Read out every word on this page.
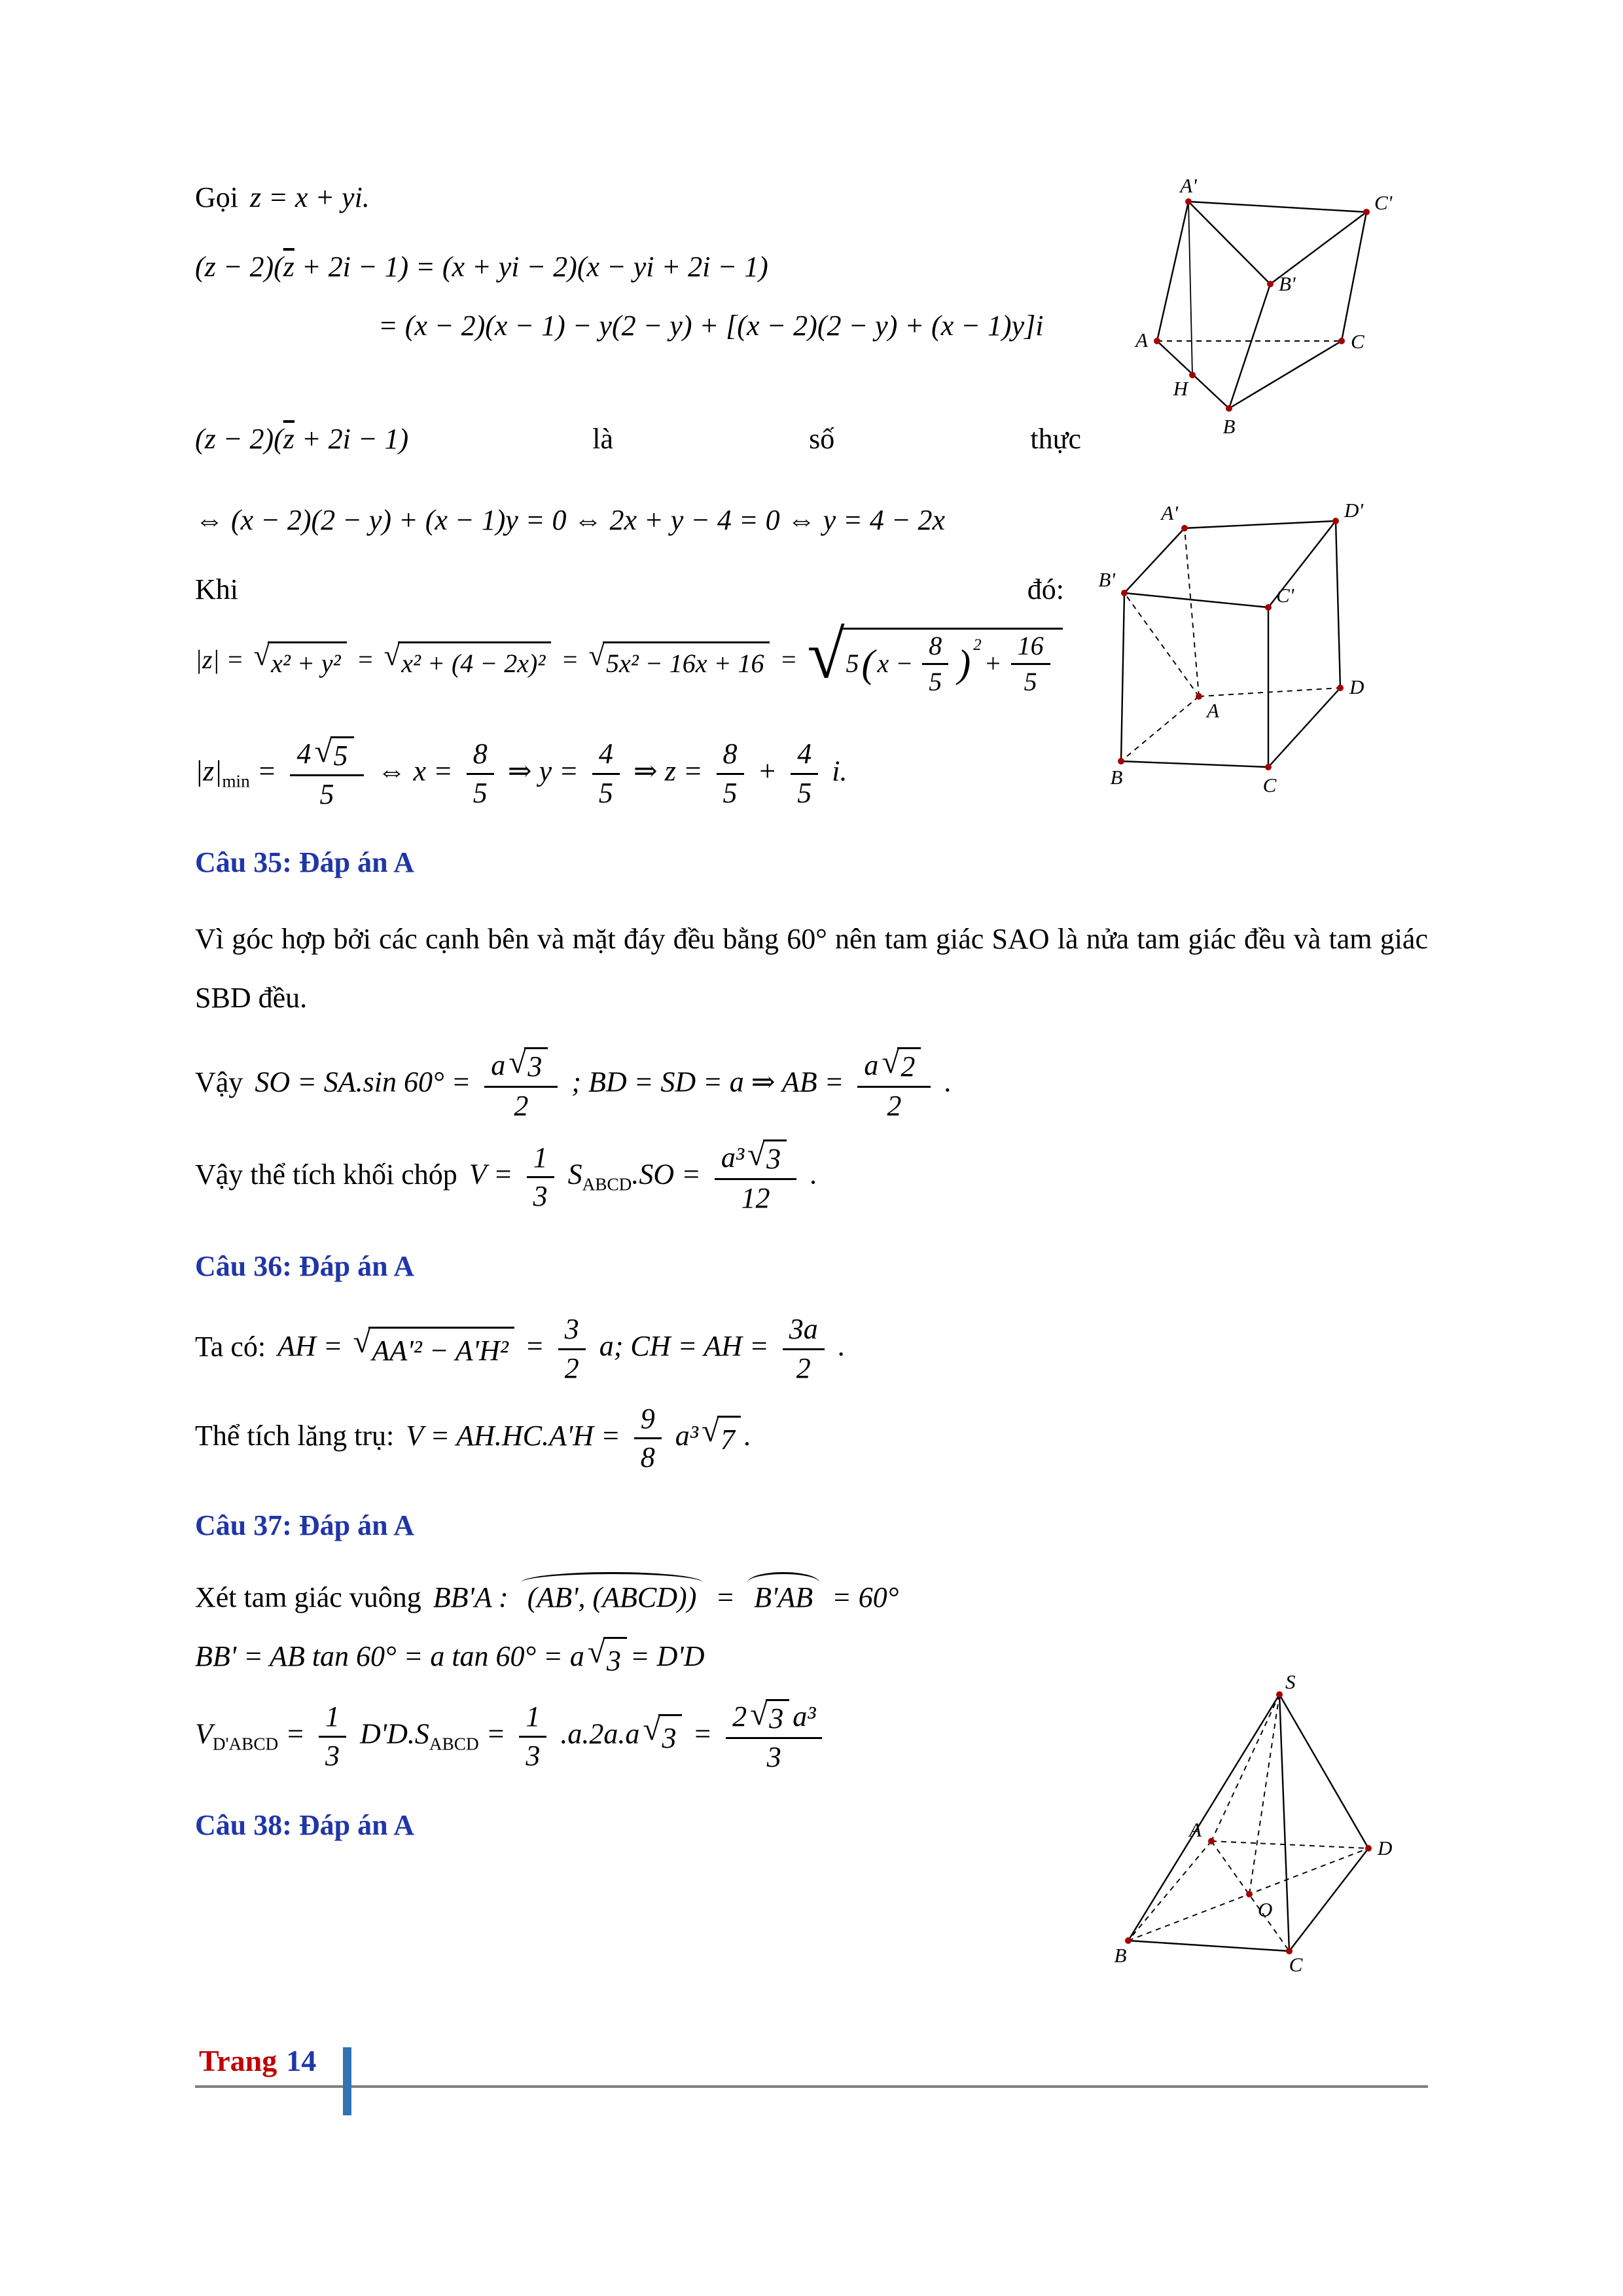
Gọi z = x + yi.
$(z - 2)(\overline{z} + 2i - 1) = (x$ + yi − 2)(x − yi + 2i − 1)
= (x − 2)(x − 1) − y(2 − y) + [(x − 2)(2 − y) + (x − 1)y]i
$(z - 2)(\overline{z} + 2i - 1)$	là	số	thực
⇔ (x − 2)(2 − y) + (x − 1)y = 0 ⇔ 2x + y − 4 = 0 ⇔ y = 4 − 2x
Khi	đó:
|z| = √ x² + y² = √ x² + (4 − 2x)² = √ 5x² − 16x + 16 = √ 5 ( $x - \frac{8}{5}$ ) 2
+ $\frac{16}{5}$
$|z|_{min} = \frac{4 √ 5}{5}$ ⇔ $x = \frac{8}{5}$ ⇒ $y = \frac{4}{5}$ ⇒ $z = \frac{8}{5} + \frac{4}{5} i$.
Câu 35: Đáp án A
Vì góc hợp bởi các cạnh bên và mặt đáy đều bằng 60° nên tam giác SAO là nửa tam giác đều và tam giác SBD đều.
Vậy SO = SA.sin $60^\circ = \frac{a √ 3}{2}$ ; BD = SD = a ⇒ AB = $\frac{a √ 2}{2}$ .
Vậy thể tích khối chóp $V = \frac{1}{3} S_{ABCD}.SO = \frac{\text{a³ √ 3}}{12}$ .
Câu 36: Đáp án A
Ta có: AH = √ $AA'^2 - A'H^2 = \frac{3}{2} a$; CH = AH = $\frac{3a}{2}$ .
Thể tích lăng trụ: $V = AH.HC.A'H = \frac{9}{8} a^3$ √ 7 .
Câu 37: Đáp án A
Xét tam giác vuông BB'A : (AB', (ABCD)) = B'AB = 60°
BB' = AB tan 60° = a tan 60° = a √ 3 = D'D
$V_{D'ABCD} = \frac{1}{3} D'D.S_{ABCD} = \frac{1}{3} .a.2a.a$ √ $3 = \frac{\text{2 √ 3 a³}}{3}$
Câu 38: Đáp án A
A'
C'
B'
A	C
B
H
A'	D'
B'
C'
A
D
B	C
S
A
D
O
B	C
Trang 14
